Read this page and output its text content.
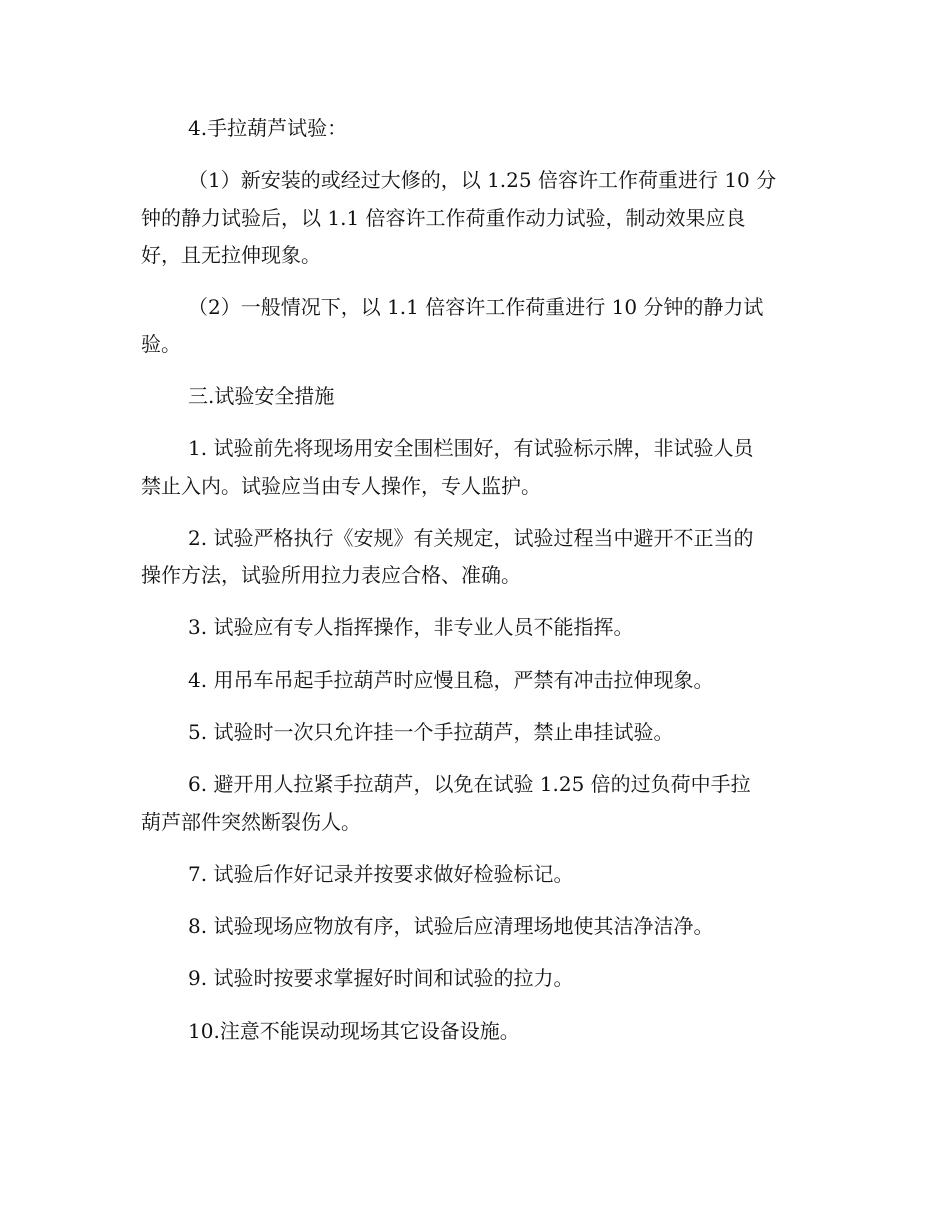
4.手拉葫芦试验：
（1）新安装的或经过大修的，以 1.25 倍容许工作荷重进行 10 分
钟的静力试验后，以 1.1 倍容许工作荷重作动力试验，制动效果应良
好，且无拉伸现象。
（2）一般情况下，以 1.1 倍容许工作荷重进行 10 分钟的静力试
验。
三.试验安全措施
1. 试验前先将现场用安全围栏围好，有试验标示牌，非试验人员
禁止入内。试验应当由专人操作，专人监护。
2. 试验严格执行《安规》有关规定，试验过程当中避开不正当的
操作方法，试验所用拉力表应合格、准确。
3. 试验应有专人指挥操作，非专业人员不能指挥。
4. 用吊车吊起手拉葫芦时应慢且稳，严禁有冲击拉伸现象。
5. 试验时一次只允许挂一个手拉葫芦，禁止串挂试验。
6. 避开用人拉紧手拉葫芦，以免在试验 1.25 倍的过负荷中手拉
葫芦部件突然断裂伤人。
7. 试验后作好记录并按要求做好检验标记。
8. 试验现场应物放有序，试验后应清理场地使其洁净洁净。
9. 试验时按要求掌握好时间和试验的拉力。
10.注意不能误动现场其它设备设施。
